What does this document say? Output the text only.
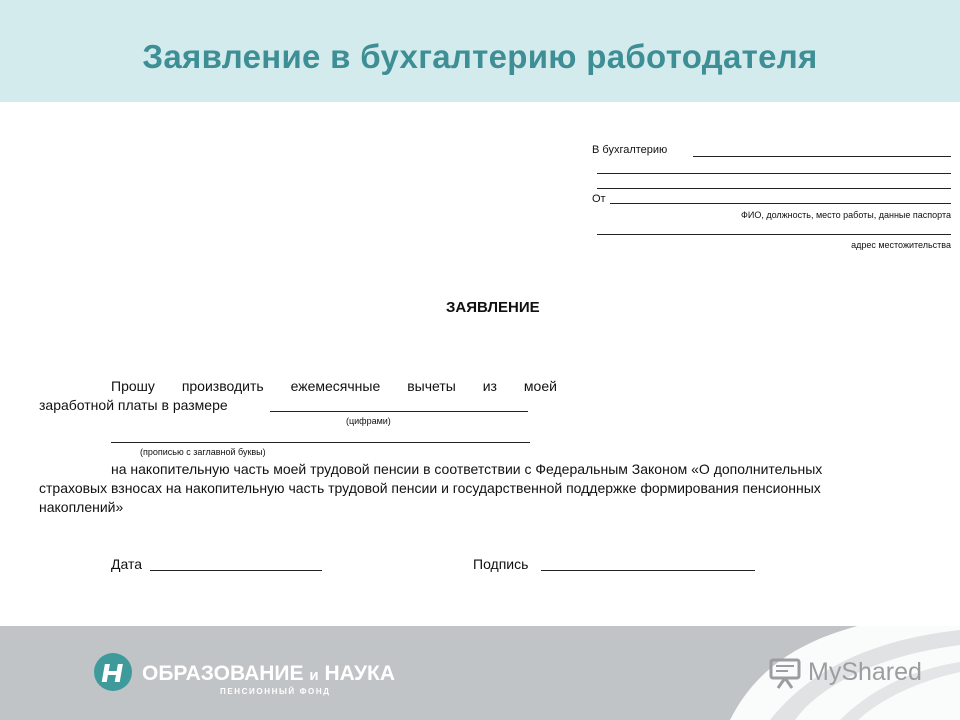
Заявление в бухгалтерию работодателя
В бухгалтерию
От
ФИО, должность, место работы, данные паспорта
адрес местожительства
ЗАЯВЛЕНИЕ
Прошу производить ежемесячные вычеты из моей
заработной платы в размере
(цифрами)
(прописью с заглавной буквы)
на накопительную часть моей трудовой пенсии в соответствии с Федеральным Законом «О дополнительных
страховых взносах на накопительную часть трудовой пенсии и государственной поддержке формирования пенсионных
накоплений»
Дата	Подпись
ОБРАЗОВАНИЕ и НАУКА
ПЕНСИОННЫЙ ФОНД
MyShared
